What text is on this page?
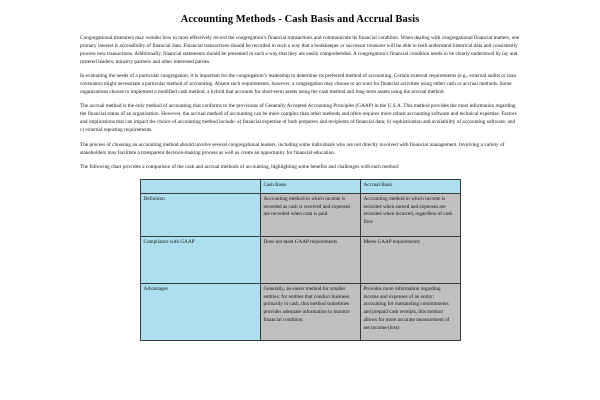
Accounting Methods - Cash Basis and Accrual Basis

Congregational treasurers may wonder how to most effectively record the congregation’s financial transactions and communicate its financial condition. When dealing with congregational financial matters, one primary interest is accessibility of financial data. Financial transactions should be recorded in such a way that a bookkeeper or successor treasurer will be able to both understand historical data and consistently process new transactions. Additionally, financial statements should be presented in such a way that they are easily comprehended. A congregation’s financial condition needs to be clearly understood by lay and rostered leaders, ministry partners and other interested parties.

In evaluating the needs of a particular congregation, it is important for the congregation’s leadership to determine its preferred method of accounting. Certain external requirements (e.g., external audits or loan covenants) might necessitate a particular method of accounting. Absent such requirements, however, a congregation may choose to account for financial activities using either cash or accrual methods. Some organizations choose to implement a modified cash method, a hybrid that accounts for short-term assets using the cash method and long-term assets using the accrual method.

The accrual method is the only method of accounting that conforms to the provisions of Generally Accepted Accounting Principles (GAAP) in the U.S.A. This method provides the most information regarding the financial status of an organization. However, the accrual method of accounting can be more complex than other methods and often requires more robust accounting software and technical expertise. Factors and implications that can impact the choice of accounting method include: a) financial expertise of both preparers and recipients of financial data; b) sophistication and availability of accounting software; and c) external reporting requirements.

The process of choosing an accounting method should involve several congregational leaders, including some individuals who are not directly involved with financial management. Involving a variety of stakeholders may facilitate a transparent decision-making process as well as create an opportunity for financial education.

The following chart provides a comparison of the cash and accrual methods of accounting, highlighting some benefits and challenges with each method:

	Cash Basis	Accrual Basis
Definition	Accounting method in which income is recorded as cash is received and expenses are recorded when cash is paid	Accounting method in which income is recorded when earned and expenses are recorded when incurred, regardless of cash flow
Compliance with GAAP	Does not meet GAAP requirements	Meets GAAP requirements
Advantages	Generally, an easier method for smaller entities; for entities that conduct business primarily in cash, this method sometimes provides adequate information to monitor financial condition	Provides more information regarding income and expenses of an entity; accounting for outstanding commitments and prepaid cash receipts, this method allows for more accurate measurement of net income/(loss)
